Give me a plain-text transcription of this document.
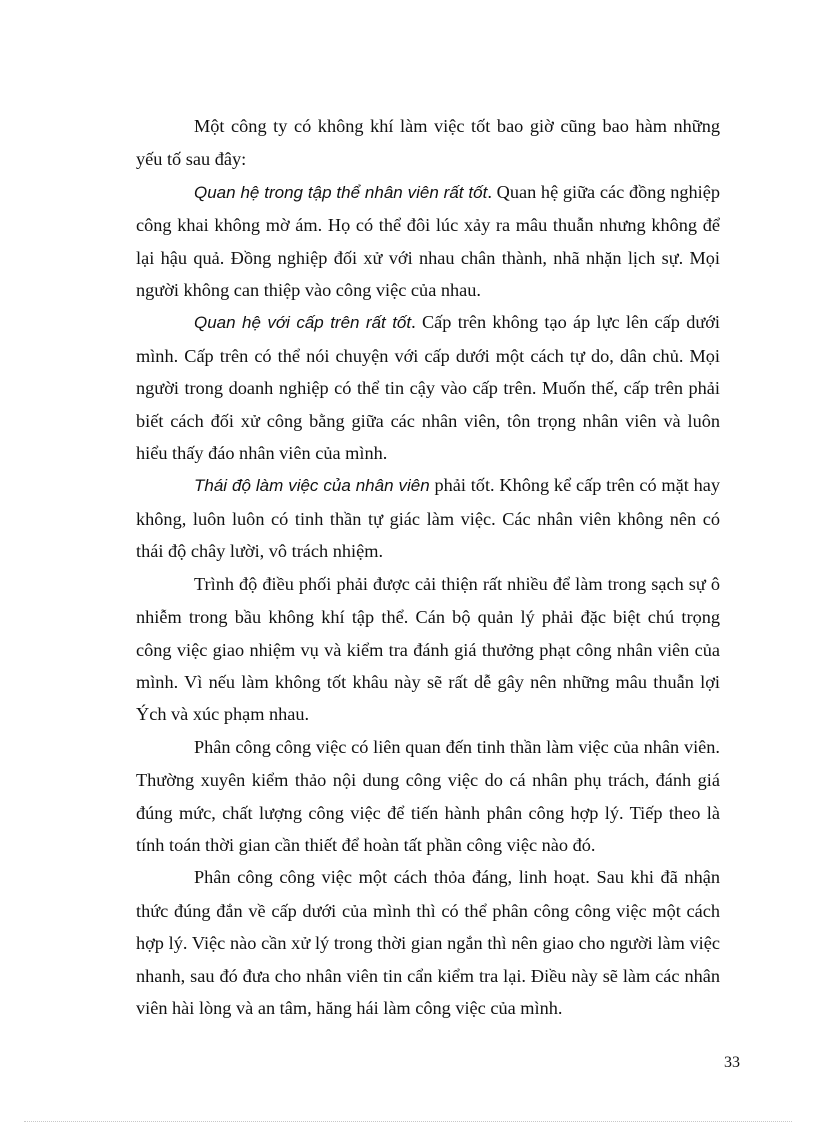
Một công ty có không khí làm việc tốt bao giờ cũng bao hàm những yếu tố sau đây:

Quan hệ trong tập thể nhân viên rất tốt. Quan hệ giữa các đồng nghiệp công khai không mờ ám. Họ có thể đôi lúc xảy ra mâu thuẫn nhưng không để lại hậu quả. Đồng nghiệp đối xử với nhau chân thành, nhã nhặn lịch sự. Mọi người không can thiệp vào công việc của nhau.

Quan hệ với cấp trên rất tốt. Cấp trên không tạo áp lực lên cấp dưới mình. Cấp trên có thể nói chuyện với cấp dưới một cách tự do, dân chủ. Mọi người trong doanh nghiệp có thể tin cậy vào cấp trên. Muốn thế, cấp trên phải biết cách đối xử công bằng giữa các nhân viên, tôn trọng nhân viên và luôn hiểu thấy đáo nhân viên của mình.

Thái độ làm việc của nhân viên phải tốt. Không kể cấp trên có mặt hay không, luôn luôn có tinh thần tự giác làm việc. Các nhân viên không nên có thái độ chây lười, vô trách nhiệm.

Trình độ điều phối phải được cải thiện rất nhiều để làm trong sạch sự ô nhiễm trong bầu không khí tập thể. Cán bộ quản lý phải đặc biệt chú trọng công việc giao nhiệm vụ và kiểm tra đánh giá thưởng phạt công nhân viên của mình. Vì nếu làm không tốt khâu này sẽ rất dễ gây nên những mâu thuẫn lợi Ých và xúc phạm nhau.

Phân công công việc có liên quan đến tinh thần làm việc của nhân viên. Thường xuyên kiểm thảo nội dung công việc do cá nhân phụ trách, đánh giá đúng mức, chất lượng công việc để tiến hành phân công hợp lý. Tiếp theo là tính toán thời gian cần thiết để hoàn tất phần công việc nào đó.

Phân công công việc một cách thỏa đáng, linh hoạt. Sau khi đã nhận thức đúng đắn về cấp dưới của mình thì có thể phân công công việc một cách hợp lý. Việc nào cần xử lý trong thời gian ngắn thì nên giao cho người làm việc nhanh, sau đó đưa cho nhân viên tin cẩn kiểm tra lại. Điều này sẽ làm các nhân viên hài lòng và an tâm, hăng hái làm công việc của mình.

33
